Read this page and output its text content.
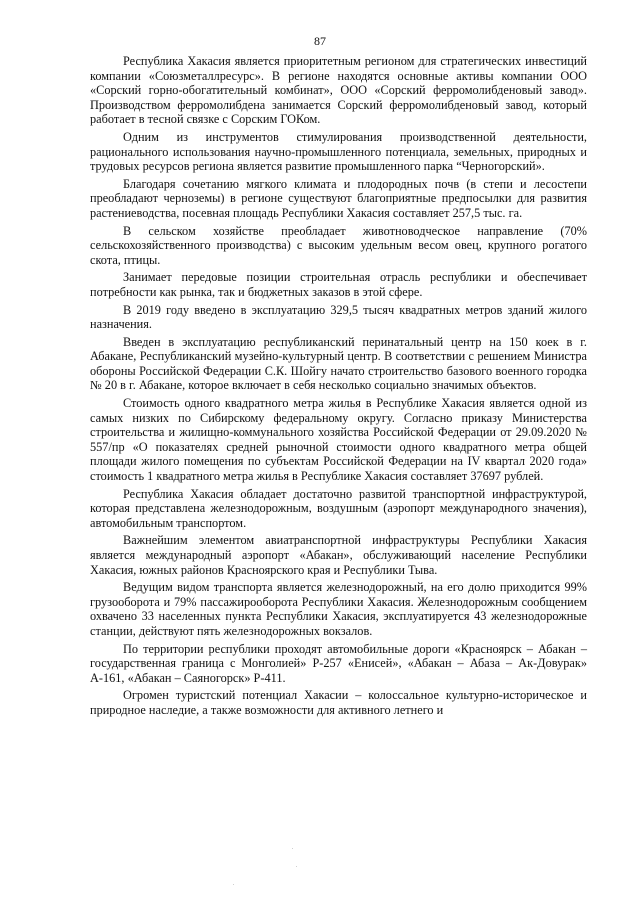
87

Республика Хакасия является приоритетным регионом для стратегических инвестиций компании «Союзметаллресурс». В регионе находятся основные активы компании ООО «Сорский горно-обогатительный комбинат», ООО «Сорский ферромолибденовый завод». Производством ферромолибдена занимается Сорский ферромолибденовый завод, который работает в тесной связке с Сорским ГОКом.

Одним из инструментов стимулирования производственной деятельности, рационального использования научно-промышленного потенциала, земельных, природных и трудовых ресурсов региона является развитие промышленного парка “Черногорский».

Благодаря сочетанию мягкого климата и плодородных почв (в степи и лесостепи преобладают черноземы) в регионе существуют благоприятные предпосылки для развития растениеводства, посевная площадь Республики Хакасия составляет 257,5 тыс. га.

В сельском хозяйстве преобладает животноводческое направление (70% сельскохозяйственного производства) с высоким удельным весом овец, крупного рогатого скота, птицы.

Занимает передовые позиции строительная отрасль республики и обеспечивает потребности как рынка, так и бюджетных заказов в этой сфере.

В 2019 году введено в эксплуатацию 329,5 тысяч квадратных метров зданий жилого назначения.

Введен в эксплуатацию республиканский перинатальный центр на 150 коек в г. Абакане, Республиканский музейно-культурный центр. В соответствии с решением Министра обороны Российской Федерации С.К. Шойгу начато строительство базового военного городка № 20 в г. Абакане, которое включает в себя несколько социально значимых объектов.

Стоимость одного квадратного метра жилья в Республике Хакасия является одной из самых низких по Сибирскому федеральному округу. Согласно приказу Министерства строительства и жилищно-коммунального хозяйства Российской Федерации от 29.09.2020 № 557/пр «О показателях средней рыночной стоимости одного квадратного метра общей площади жилого помещения по субъектам Российской Федерации на IV квартал 2020 года» стоимость 1 квадратного метра жилья в Республике Хакасия составляет 37697 рублей.

Республика Хакасия обладает достаточно развитой транспортной инфраструктурой, которая представлена железнодорожным, воздушным (аэропорт международного значения), автомобильным транспортом.

Важнейшим элементом авиатранспортной инфраструктуры Республики Хакасия является международный аэропорт «Абакан», обслуживающий население Республики Хакасия, южных районов Красноярского края и Республики Тыва.

Ведущим видом транспорта является железнодорожный, на его долю приходится 99% грузооборота и 79% пассажирооборота Республики Хакасия. Железнодорожным сообщением охвачено 33 населенных пункта Республики Хакасия, эксплуатируется 43 железнодорожные станции, действуют пять железнодорожных вокзалов.

По территории республики проходят автомобильные дороги «Красноярск – Абакан – государственная граница с Монголией» Р-257 «Енисей», «Абакан – Абаза – Ак-Довурак» А-161, «Абакан – Саяногорск» Р-411.

Огромен туристский потенциал Хакасии – колоссальное культурно-историческое и природное наследие, а также возможности для активного летнего и
